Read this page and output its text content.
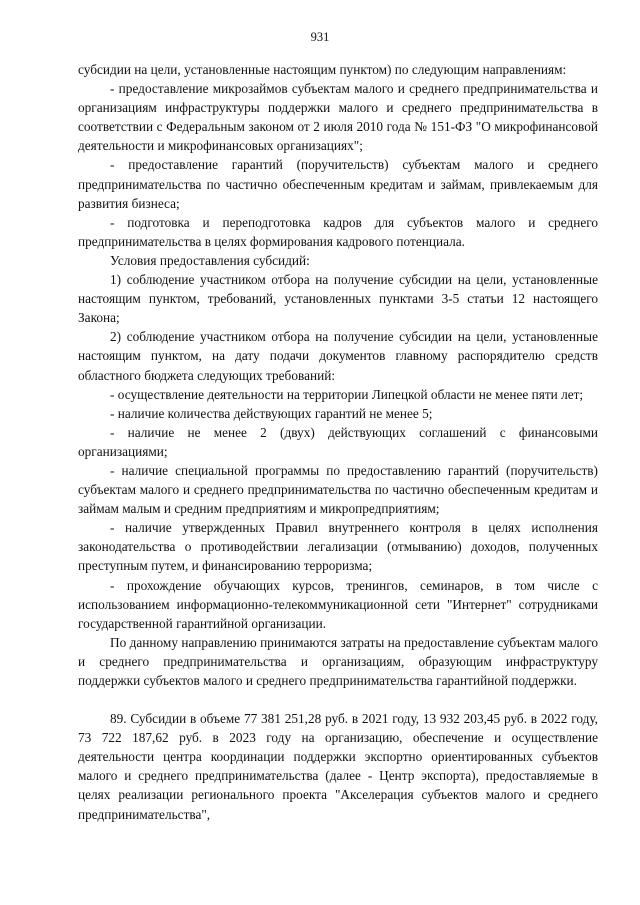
931

субсидии на цели, установленные настоящим пунктом) по следующим направлениям:

- предоставление микрозаймов субъектам малого и среднего предпринимательства и организациям инфраструктуры поддержки малого и среднего предпринимательства в соответствии с Федеральным законом от 2 июля 2010 года № 151-ФЗ "О микрофинансовой деятельности и микрофинансовых организациях";

- предоставление гарантий (поручительств) субъектам малого и среднего предпринимательства по частично обеспеченным кредитам и займам, привлекаемым для развития бизнеса;

- подготовка и переподготовка кадров для субъектов малого и среднего предпринимательства в целях формирования кадрового потенциала.

Условия предоставления субсидий:

1) соблюдение участником отбора на получение субсидии на цели, установленные настоящим пунктом, требований, установленных пунктами 3-5 статьи 12 настоящего Закона;

2) соблюдение участником отбора на получение субсидии на цели, установленные настоящим пунктом, на дату подачи документов главному распорядителю средств областного бюджета следующих требований:

- осуществление деятельности на территории Липецкой области не менее пяти лет;

- наличие количества действующих гарантий не менее 5;

- наличие не менее 2 (двух) действующих соглашений с финансовыми организациями;

- наличие специальной программы по предоставлению гарантий (поручительств) субъектам малого и среднего предпринимательства по частично обеспеченным кредитам и займам малым и средним предприятиям и микропредприятиям;

- наличие утвержденных Правил внутреннего контроля в целях исполнения законодательства о противодействии легализации (отмыванию) доходов, полученных преступным путем, и финансированию терроризма;

- прохождение обучающих курсов, тренингов, семинаров, в том числе с использованием информационно-телекоммуникационной сети "Интернет" сотрудниками государственной гарантийной организации.

По данному направлению принимаются затраты на предоставление субъектам малого и среднего предпринимательства и организациям, образующим инфраструктуру поддержки субъектов малого и среднего предпринимательства гарантийной поддержки.

89. Субсидии в объеме 77 381 251,28 руб. в 2021 году, 13 932 203,45 руб. в 2022 году, 73 722 187,62 руб. в 2023 году на организацию, обеспечение и осуществление деятельности центра координации поддержки экспортно ориентированных субъектов малого и среднего предпринимательства (далее - Центр экспорта), предоставляемые в целях реализации регионального проекта "Акселерация субъектов малого и среднего предпринимательства",
